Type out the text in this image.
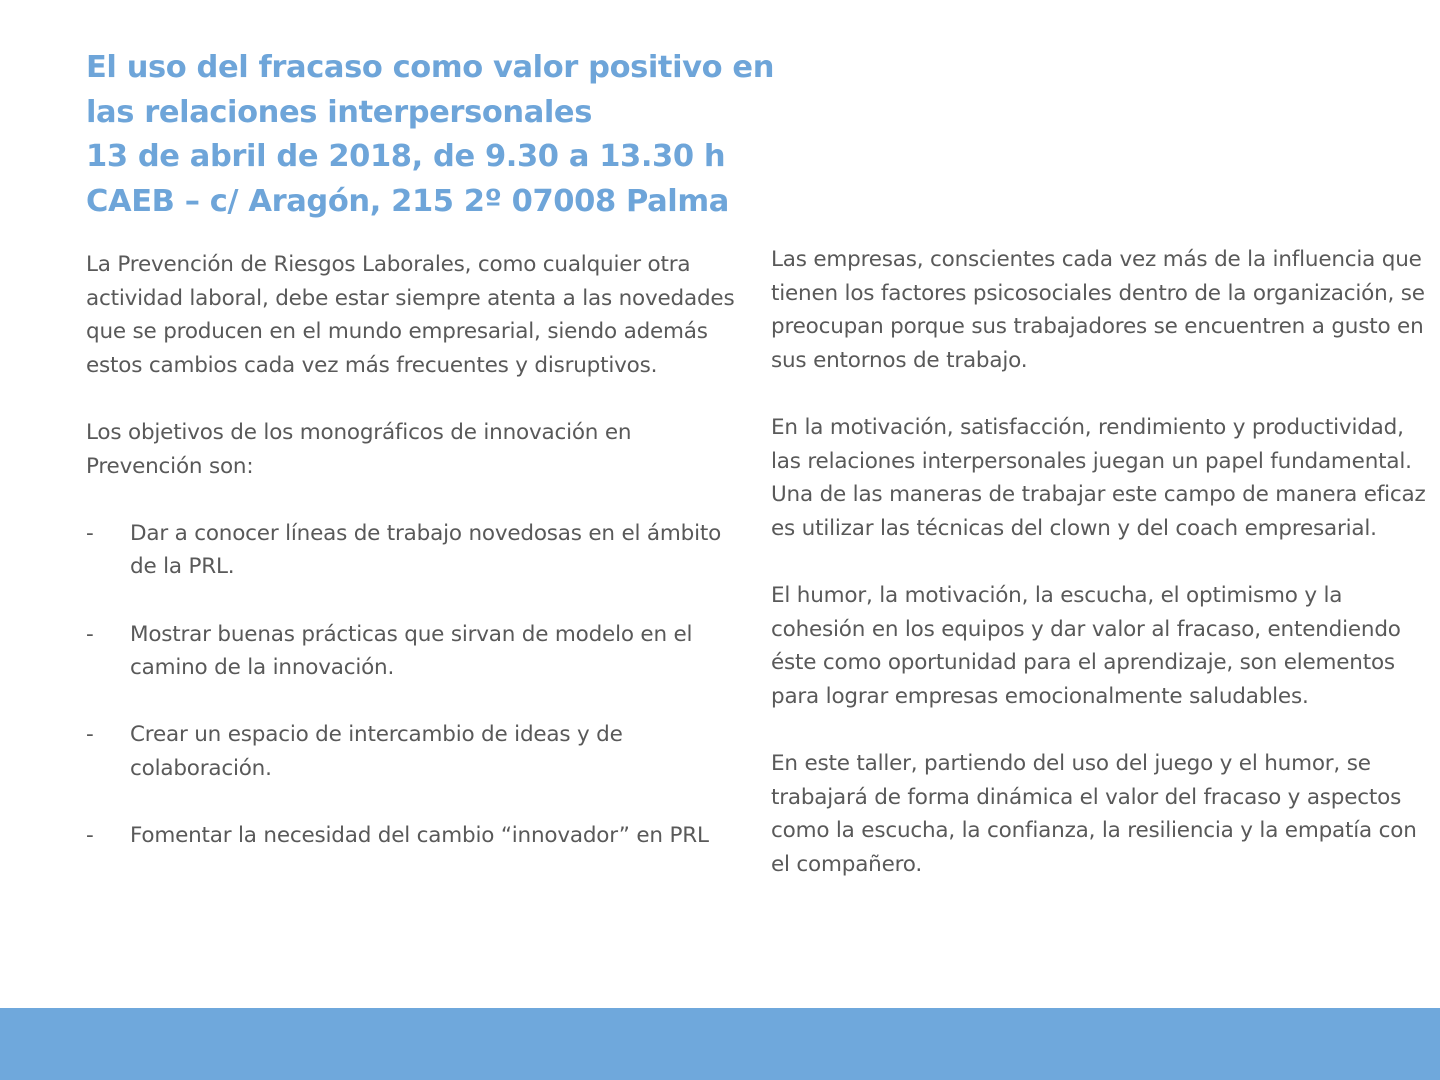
El uso del fracaso como valor positivo en
las relaciones interpersonales
13 de abril de 2018, de 9.30 a 13.30 h
CAEB – c/ Aragón, 215 2º 07008 Palma

La Prevención de Riesgos Laborales, como cualquier otra actividad laboral, debe estar siempre atenta a las novedades que se producen en el mundo empresarial, siendo además estos cambios cada vez más frecuentes y disruptivos.

Los objetivos de los monográficos de innovación en Prevención son:

- Dar a conocer líneas de trabajo novedosas en el ámbito de la PRL.
- Mostrar buenas prácticas que sirvan de modelo en el camino de la innovación.
- Crear un espacio de intercambio de ideas y de colaboración.
- Fomentar la necesidad del cambio “innovador” en PRL

Las empresas, conscientes cada vez más de la influencia que tienen los factores psicosociales dentro de la organización, se preocupan porque sus trabajadores se encuentren a gusto en sus entornos de trabajo.

En la motivación, satisfacción, rendimiento y productividad, las relaciones interpersonales juegan un papel fundamental. Una de las maneras de trabajar este campo de manera eficaz es utilizar las técnicas del clown y del coach empresarial.

El humor, la motivación, la escucha, el optimismo y la cohesión en los equipos y dar valor al fracaso, entendiendo éste como oportunidad para el aprendizaje, son elementos para lograr empresas emocionalmente saludables.

En este taller, partiendo del uso del juego y el humor, se trabajará de forma dinámica el valor del fracaso y aspectos como la escucha, la confianza, la resiliencia y la empatía con el compañero.
